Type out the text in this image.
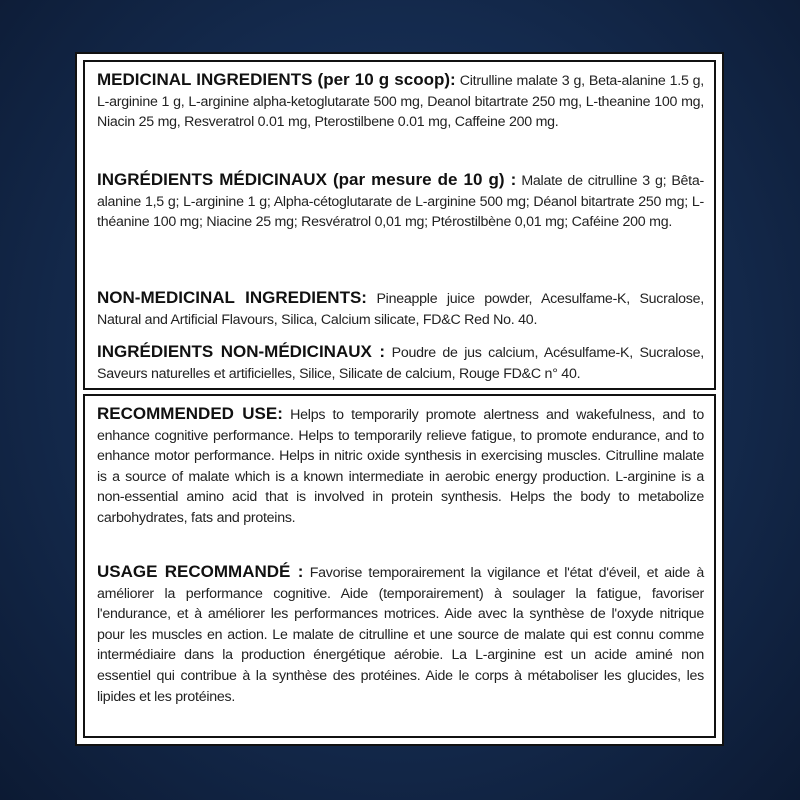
MEDICINAL INGREDIENTS (per 10 g scoop): Citrulline malate 3 g, Beta-alanine 1.5 g, L-arginine 1 g, L-arginine alpha-ketoglutarate 500 mg, Deanol bitartrate 250 mg, L-theanine 100 mg, Niacin 25 mg, Resveratrol 0.01 mg, Pterostilbene 0.01 mg, Caffeine 200 mg.
INGRÉDIENTS MÉDICINAUX (par mesure de 10 g) : Malate de citrulline 3 g; Bêta-alanine 1,5 g; L-arginine 1 g; Alpha-cétoglutarate de L-arginine 500 mg; Déanol bitartrate 250 mg; L-théanine 100 mg; Niacine 25 mg; Resvératrol 0,01 mg; Ptérostilbène 0,01 mg; Caféine 200 mg.
NON-MEDICINAL INGREDIENTS: Pineapple juice powder, Acesulfame-K, Sucralose, Natural and Artificial Flavours, Silica, Calcium silicate, FD&C Red No. 40.
INGRÉDIENTS NON-MÉDICINAUX : Poudre de jus calcium, Acésulfame-K, Sucralose, Saveurs naturelles et artificielles, Silice, Silicate de calcium, Rouge FD&C n° 40.
RECOMMENDED USE: Helps to temporarily promote alertness and wakefulness, and to enhance cognitive performance. Helps to temporarily relieve fatigue, to promote endurance, and to enhance motor performance. Helps in nitric oxide synthesis in exercising muscles. Citrulline malate is a source of malate which is a known intermediate in aerobic energy production. L-arginine is a non-essential amino acid that is involved in protein synthesis. Helps the body to metabolize carbohydrates, fats and proteins.
USAGE RECOMMANDÉ : Favorise temporairement la vigilance et l'état d'éveil, et aide à améliorer la performance cognitive. Aide (temporairement) à soulager la fatigue, favoriser l'endurance, et à améliorer les performances motrices. Aide avec la synthèse de l'oxyde nitrique pour les muscles en action. Le malate de citrulline et une source de malate qui est connu comme intermédiaire dans la production énergétique aérobie. La L-arginine est un acide aminé non essentiel qui contribue à la synthèse des protéines. Aide le corps à métaboliser les glucides, les lipides et les protéines.
